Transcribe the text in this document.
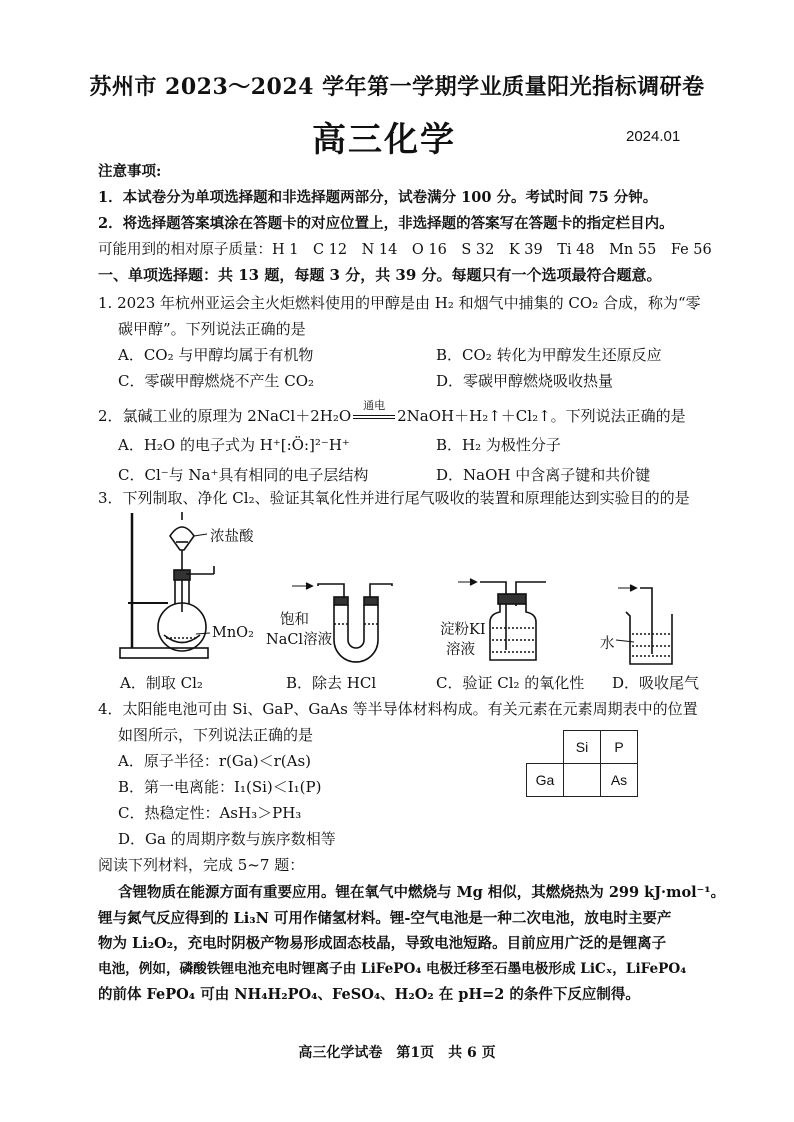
苏州市 2023～2024 学年第一学期学业质量阳光指标调研卷
高三化学	2024.01
注意事项:
1．本试卷分为单项选择题和非选择题两部分，试卷满分 100 分。考试时间 75 分钟。
2．将选择题答案填涂在答题卡的对应位置上，非选择题的答案写在答题卡的指定栏目内。
可能用到的相对原子质量：H 1　C 12　N 14　O 16　S 32　K 39　Ti 48　Mn 55　Fe 56
一、单项选择题：共 13 题，每题 3 分，共 39 分。每题只有一个选项最符合题意。
1. 2023 年杭州亚运会主火炬燃料使用的甲醇是由 H₂ 和烟气中捕集的 CO₂ 合成，称为“零
碳甲醇”。下列说法正确的是
A．CO₂ 与甲醇均属于有机物	B．CO₂ 转化为甲醇发生还原反应
C．零碳甲醇燃烧不产生 CO₂	D．零碳甲醇燃烧吸收热量
2．氯碱工业的原理为 2NaCl＋2H₂O
通电
2NaOH＋H₂↑＋Cl₂↑。下列说法正确的是
A．H₂O 的电子式为 H⁺[:Ö:]²⁻H⁺	B．H₂ 为极性分子
C．Cl⁻与 Na⁺具有相同的电子层结构	D．NaOH 中含离子键和共价键
3．下列制取、净化 Cl₂、验证其氧化性并进行尾气吸收的装置和原理能达到实验目的的是
浓盐酸
MnO₂
饱和
NaCl溶液
淀粉KI
溶液	水
A．制取 Cl₂	B．除去 HCl	C．验证 Cl₂ 的氧化性 D．吸收尾气
4．太阳能电池可由 Si、GaP、GaAs 等半导体材料构成。有关元素在元素周期表中的位置
如图所示，下列说法正确的是
A．原子半径：r(Ga)＜r(As)
B．第一电离能：I₁(Si)＜I₁(P)
C．热稳定性：AsH₃＞PH₃
D．Ga 的周期序数与族序数相等
	Si	P
Ga		As
阅读下列材料，完成 5~7 题：
含锂物质在能源方面有重要应用。锂在氧气中燃烧与 Mg 相似，其燃烧热为 299 kJ·mol⁻¹。
锂与氮气反应得到的 Li₃N 可用作储氢材料。锂-空气电池是一种二次电池，放电时主要产
物为 Li₂O₂，充电时阴极产物易形成固态枝晶，导致电池短路。目前应用广泛的是锂离子
电池，例如，磷酸铁锂电池充电时锂离子由 LiFePO₄ 电极迁移至石墨电极形成 LiCₓ，LiFePO₄
的前体 FePO₄ 可由 NH₄H₂PO₄、FeSO₄、H₂O₂ 在 pH=2 的条件下反应制得。
高三化学试卷　第1页　共 6 页
